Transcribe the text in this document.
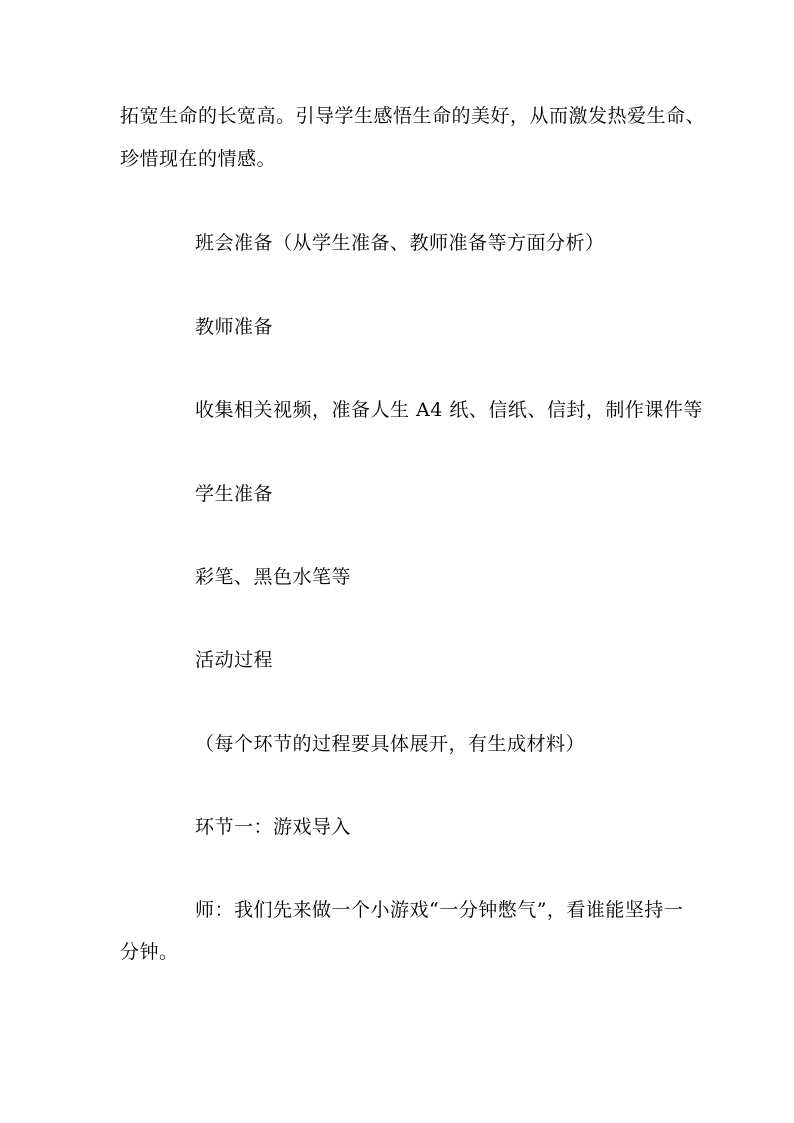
拓宽生命的长宽高。引导学生感悟生命的美好，从而激发热爱生命、
珍惜现在的情感。
班会准备（从学生准备、教师准备等方面分析）
教师准备
收集相关视频，准备人生 A4 纸、信纸、信封，制作课件等
学生准备
彩笔、黑色水笔等
活动过程
（每个环节的过程要具体展开，有生成材料）
环节一：游戏导入
师：我们先来做一个小游戏“一分钟憋气”，看谁能坚持一
分钟。
